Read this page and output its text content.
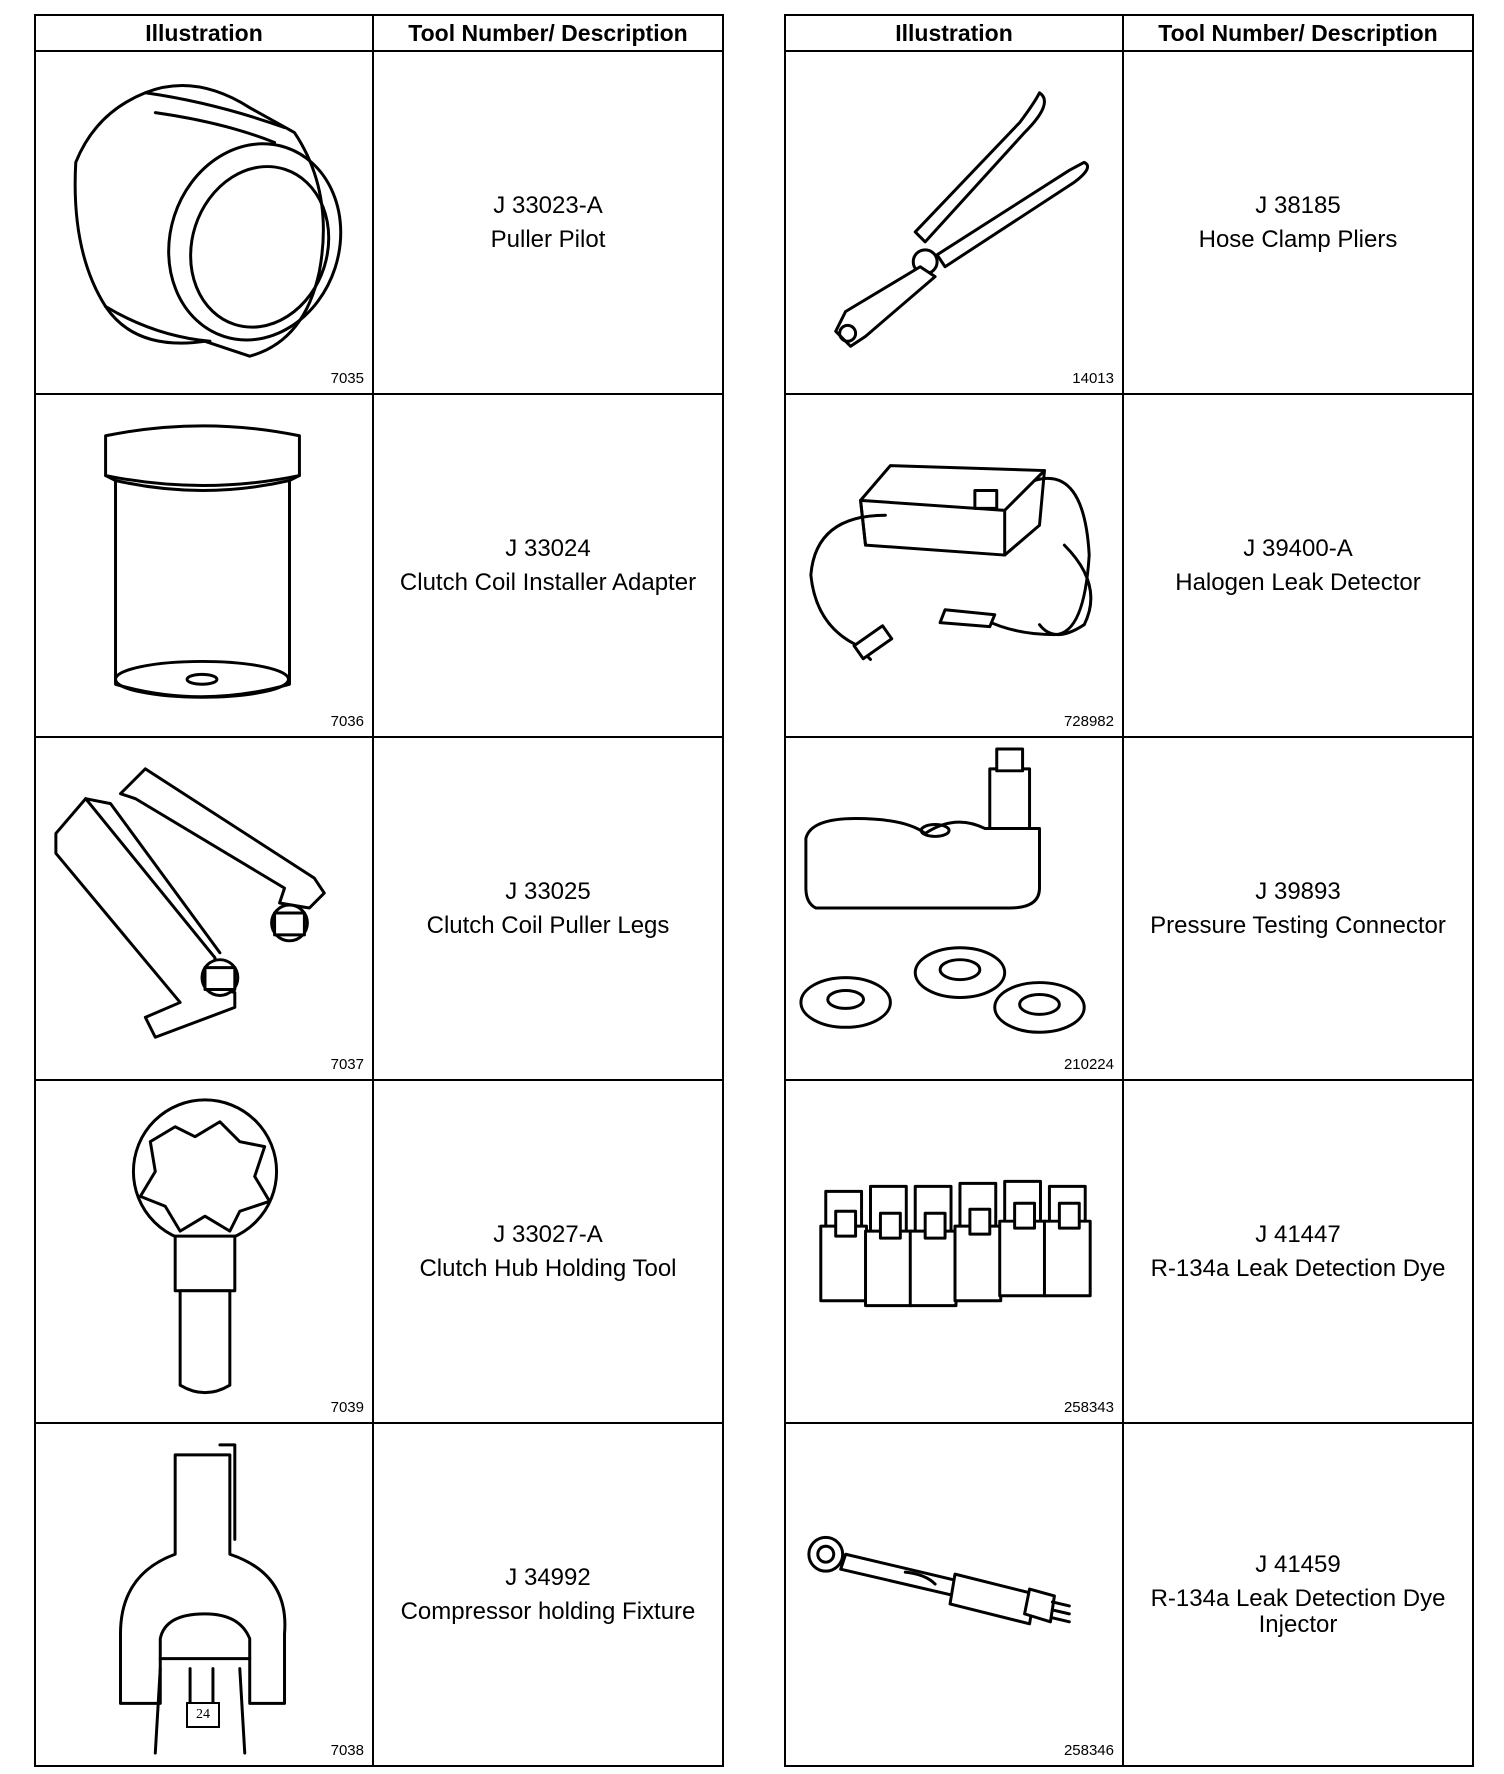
Illustration	Tool Number/ Description

7035	J 33023-A
Puller Pilot

7036	J 33024
Clutch Coil Installer Adapter

7037	J 33025
Clutch Coil Puller Legs

7039	J 33027-A
Clutch Hub Holding Tool

24
7038	J 34992
Compressor holding Fixture
Illustration	Tool Number/ Description

14013	J 38185
Hose Clamp Pliers

728982	J 39400-A
Halogen Leak Detector

210224	J 39893
Pressure Testing Connector

258343	J 41447
R-134a Leak Detection Dye

258346	J 41459
R-134a Leak Detection Dye
Injector
